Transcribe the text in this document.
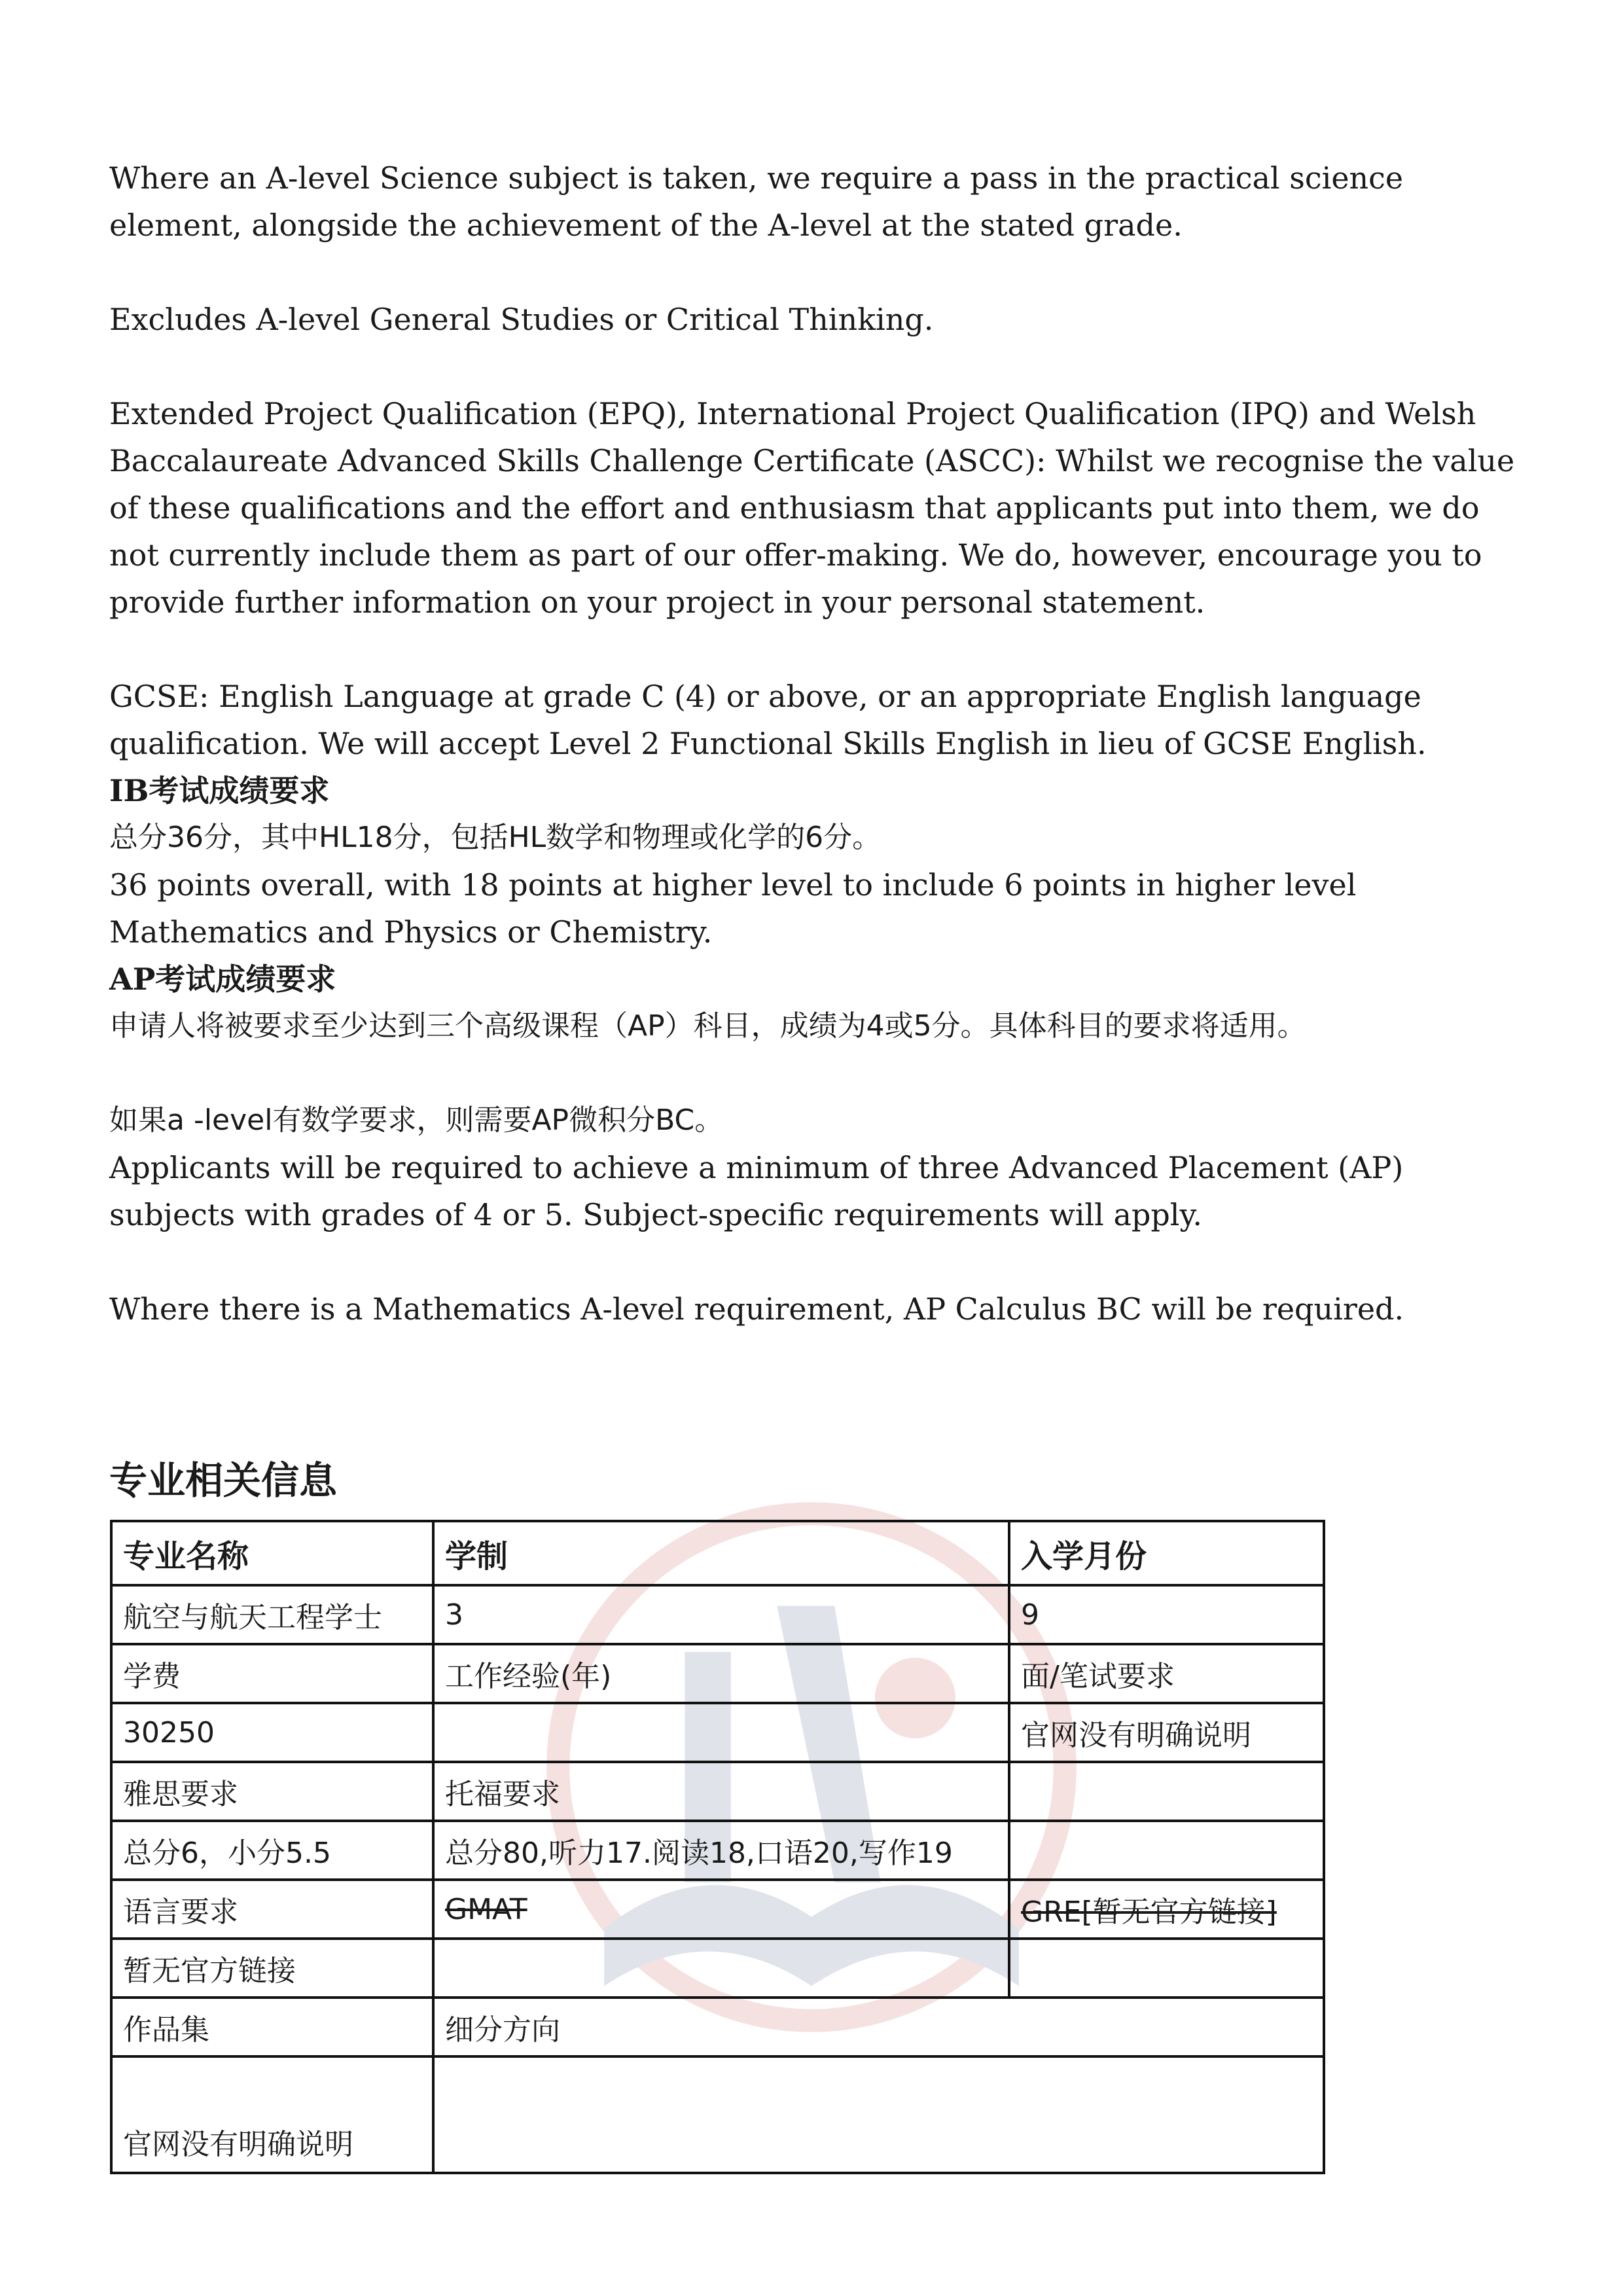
Where an A-level Science subject is taken, we require a pass in the practical science element, alongside the achievement of the A-level at the stated grade.

Excludes A-level General Studies or Critical Thinking.

Extended Project Qualification (EPQ), International Project Qualification (IPQ) and Welsh Baccalaureate Advanced Skills Challenge Certificate (ASCC): Whilst we recognise the value of these qualifications and the effort and enthusiasm that applicants put into them, we do not currently include them as part of our offer-making. We do, however, encourage you to provide further information on your project in your personal statement.

GCSE: English Language at grade C (4) or above, or an appropriate English language qualification. We will accept Level 2 Functional Skills English in lieu of GCSE English.

IB考试成绩要求

总分36分，其中HL18分，包括HL数学和物理或化学的6分。

36 points overall, with 18 points at higher level to include 6 points in higher level Mathematics and Physics or Chemistry.

AP考试成绩要求

申请人将被要求至少达到三个高级课程（AP）科目，成绩为4或5分。具体科目的要求将适用。

如果a -level有数学要求，则需要AP微积分BC。

Applicants will be required to achieve a minimum of three Advanced Placement (AP) subjects with grades of 4 or 5. Subject-specific requirements will apply.

Where there is a Mathematics A-level requirement, AP Calculus BC will be required.

专业相关信息
专业名称	学制	入学月份
航空与航天工程学士	3	9
学费	工作经验(年)	面/笔试要求
30250		官网没有明确说明
雅思要求	托福要求	
总分6，小分5.5	总分80,听力17.阅读18,口语20,写作19	
语言要求	GMAT	GRE[暂无官方链接]
暂无官方链接		
作品集	细分方向	
官网没有明确说明		
